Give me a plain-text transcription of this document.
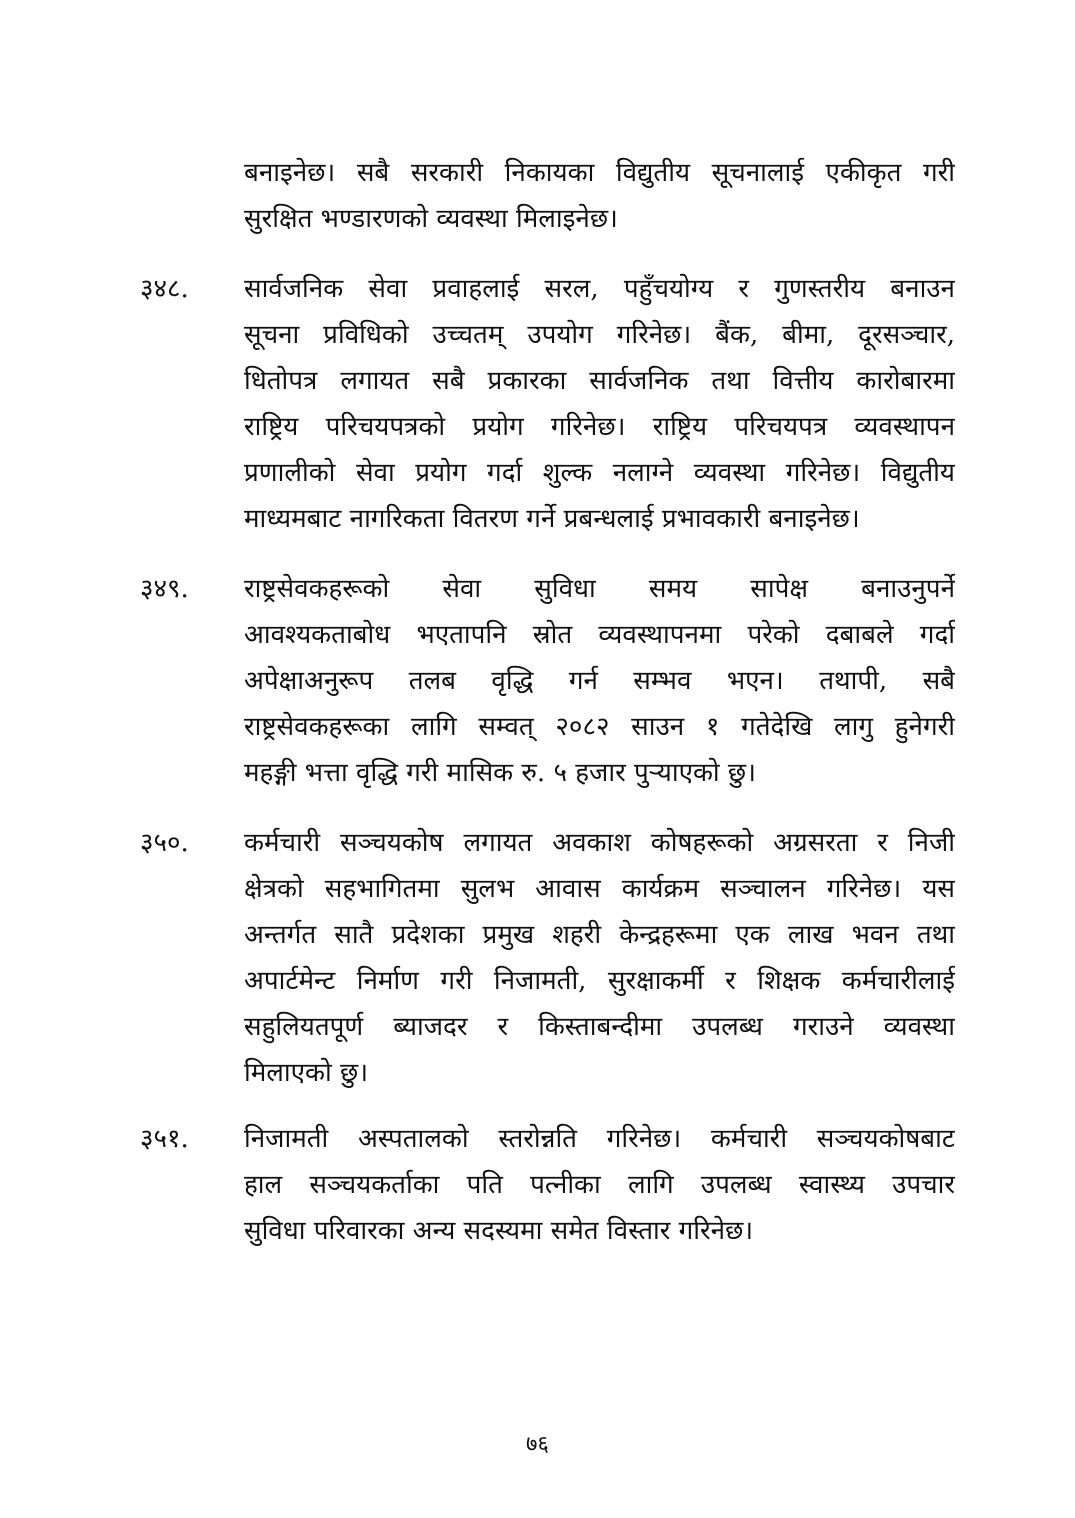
बनाइनेछ। सबै सरकारी निकायका विद्युतीय सूचनालाई एकीकृत गरी
सुरक्षित भण्डारणको व्यवस्था मिलाइनेछ।
३४८.	सार्वजनिक सेवा प्रवाहलाई सरल, पहुँचयोग्य र गुणस्तरीय बनाउन
सूचना प्रविधिको उच्चतम् उपयोग गरिनेछ। बैंक, बीमा, दूरसञ्चार,
धितोपत्र लगायत सबै प्रकारका सार्वजनिक तथा वित्तीय कारोबारमा
राष्ट्रिय परिचयपत्रको प्रयोग गरिनेछ। राष्ट्रिय परिचयपत्र व्यवस्थापन
प्रणालीको सेवा प्रयोग गर्दा शुल्क नलाग्ने व्यवस्था गरिनेछ। विद्युतीय
माध्यमबाट नागरिकता वितरण गर्ने प्रबन्धलाई प्रभावकारी बनाइनेछ।
३४९.	राष्ट्रसेवकहरूको सेवा सुविधा समय सापेक्ष बनाउनुपर्ने
आवश्यकताबोध भएतापनि स्रोत व्यवस्थापनमा परेको दबाबले गर्दा
अपेक्षाअनुरूप तलब वृद्धि गर्न सम्भव भएन। तथापी, सबै
राष्ट्रसेवकहरूका लागि सम्वत् २०८२ साउन १ गतेदेखि लागु हुनेगरी
महङ्गी भत्ता वृद्धि गरी मासिक रु. ५ हजार पुर्‍याएको छु।
३५०.	कर्मचारी सञ्चयकोष लगायत अवकाश कोषहरूको अग्रसरता र निजी
क्षेत्रको सहभागितमा सुलभ आवास कार्यक्रम सञ्चालन गरिनेछ। यस
अन्तर्गत सातै प्रदेशका प्रमुख शहरी केन्द्रहरूमा एक लाख भवन तथा
अपार्टमेन्ट निर्माण गरी निजामती, सुरक्षाकर्मी र शिक्षक कर्मचारीलाई
सहुलियतपूर्ण ब्याजदर र किस्ताबन्दीमा उपलब्ध गराउने व्यवस्था
मिलाएको छु।
३५१.	निजामती अस्पतालको स्तरोन्नति गरिनेछ। कर्मचारी सञ्चयकोषबाट
हाल सञ्चयकर्ताका पति पत्नीका लागि उपलब्ध स्वास्थ्य उपचार
सुविधा परिवारका अन्य सदस्यमा समेत विस्तार गरिनेछ।
७६
